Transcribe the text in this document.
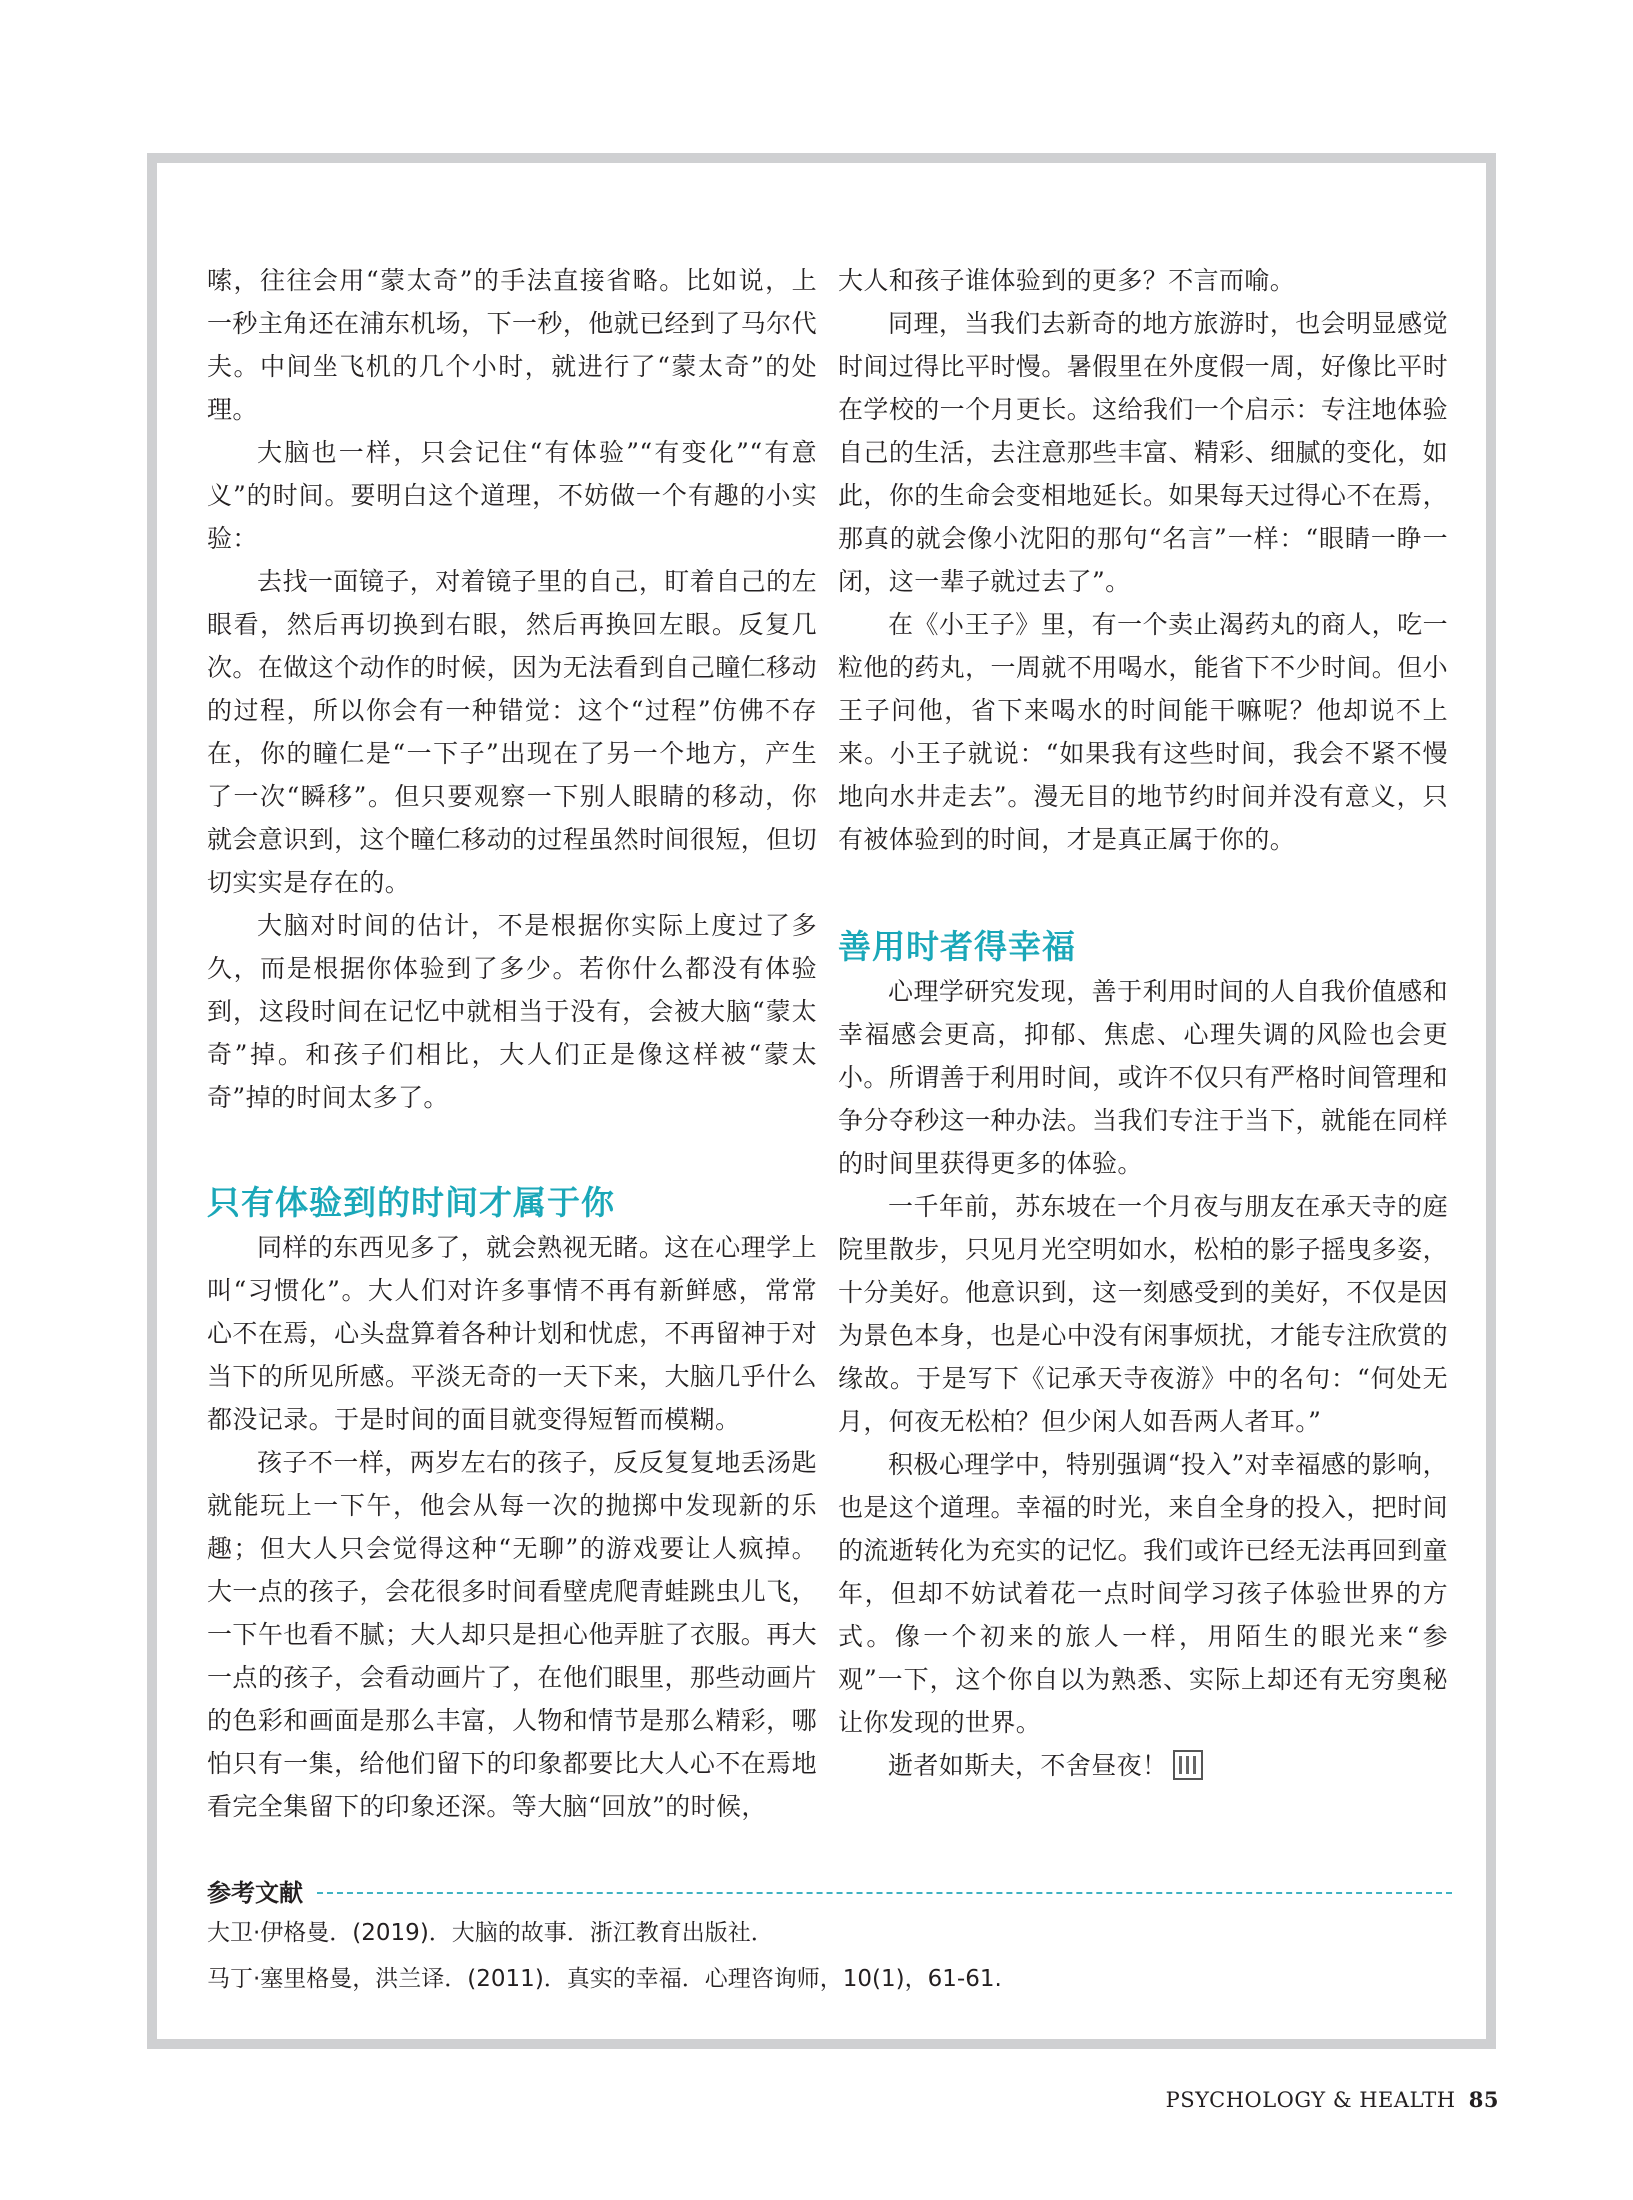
嗦，往往会用“蒙太奇”的手法直接省略。比如说，上一秒主角还在浦东机场，下一秒，他就已经到了马尔代夫。中间坐飞机的几个小时，就进行了“蒙太奇”的处理。

大脑也一样，只会记住“有体验”“有变化”“有意义”的时间。要明白这个道理，不妨做一个有趣的小实验：

去找一面镜子，对着镜子里的自己，盯着自己的左眼看，然后再切换到右眼，然后再换回左眼。反复几次。在做这个动作的时候，因为无法看到自己瞳仁移动的过程，所以你会有一种错觉：这个“过程”仿佛不存在，你的瞳仁是“一下子”出现在了另一个地方，产生了一次“瞬移”。但只要观察一下别人眼睛的移动，你就会意识到，这个瞳仁移动的过程虽然时间很短，但切切实实是存在的。

大脑对时间的估计，不是根据你实际上度过了多久，而是根据你体验到了多少。若你什么都没有体验到，这段时间在记忆中就相当于没有，会被大脑“蒙太奇”掉。和孩子们相比，大人们正是像这样被“蒙太奇”掉的时间太多了。

只有体验到的时间才属于你

同样的东西见多了，就会熟视无睹。这在心理学上叫“习惯化”。大人们对许多事情不再有新鲜感，常常心不在焉，心头盘算着各种计划和忧虑，不再留神于对当下的所见所感。平淡无奇的一天下来，大脑几乎什么都没记录。于是时间的面目就变得短暂而模糊。

孩子不一样，两岁左右的孩子，反反复复地丢汤匙就能玩上一下午，他会从每一次的抛掷中发现新的乐趣；但大人只会觉得这种“无聊”的游戏要让人疯掉。大一点的孩子，会花很多时间看壁虎爬青蛙跳虫儿飞，一下午也看不腻；大人却只是担心他弄脏了衣服。再大一点的孩子，会看动画片了，在他们眼里，那些动画片的色彩和画面是那么丰富，人物和情节是那么精彩，哪怕只有一集，给他们留下的印象都要比大人心不在焉地看完全集留下的印象还深。等大脑“回放”的时候，

大人和孩子谁体验到的更多？不言而喻。

同理，当我们去新奇的地方旅游时，也会明显感觉时间过得比平时慢。暑假里在外度假一周，好像比平时在学校的一个月更长。这给我们一个启示：专注地体验自己的生活，去注意那些丰富、精彩、细腻的变化，如此，你的生命会变相地延长。如果每天过得心不在焉，那真的就会像小沈阳的那句“名言”一样：“眼睛一睁一闭，这一辈子就过去了”。

在《小王子》里，有一个卖止渴药丸的商人，吃一粒他的药丸，一周就不用喝水，能省下不少时间。但小王子问他，省下来喝水的时间能干嘛呢？他却说不上来。小王子就说：“如果我有这些时间，我会不紧不慢地向水井走去”。漫无目的地节约时间并没有意义，只有被体验到的时间，才是真正属于你的。

善用时者得幸福

心理学研究发现，善于利用时间的人自我价值感和幸福感会更高，抑郁、焦虑、心理失调的风险也会更小。所谓善于利用时间，或许不仅只有严格时间管理和争分夺秒这一种办法。当我们专注于当下，就能在同样的时间里获得更多的体验。

一千年前，苏东坡在一个月夜与朋友在承天寺的庭院里散步，只见月光空明如水，松柏的影子摇曳多姿，十分美好。他意识到，这一刻感受到的美好，不仅是因为景色本身，也是心中没有闲事烦扰，才能专注欣赏的缘故。于是写下《记承天寺夜游》中的名句：“何处无月，何夜无松柏？但少闲人如吾两人者耳。”

积极心理学中，特别强调“投入”对幸福感的影响，也是这个道理。幸福的时光，来自全身的投入，把时间的流逝转化为充实的记忆。我们或许已经无法再回到童年，但却不妨试着花一点时间学习孩子体验世界的方式。像一个初来的旅人一样，用陌生的眼光来“参观”一下，这个你自以为熟悉、实际上却还有无穷奥秘让你发现的世界。

逝者如斯夫，不舍昼夜！

参考文献
大卫·伊格曼．(2019)．大脑的故事．浙江教育出版社．
马丁·塞里格曼，洪兰译．(2011)．真实的幸福．心理咨询师，10(1)，61-61.
PSYCHOLOGY & HEALTH 85
